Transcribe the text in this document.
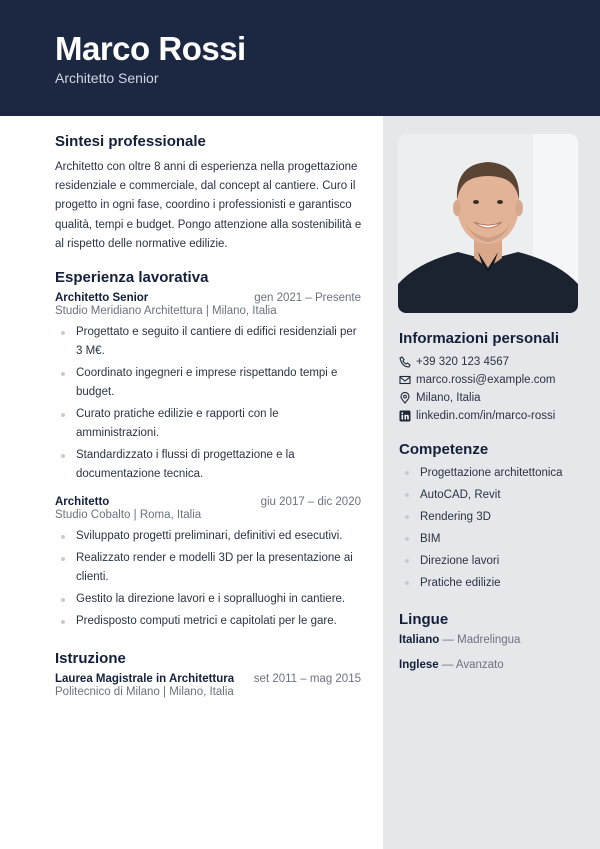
Marco Rossi
Architetto Senior
Sintesi professionale
Architetto con oltre 8 anni di esperienza nella progettazione residenziale e commerciale, dal concept al cantiere. Curo il progetto in ogni fase, coordino i professionisti e garantisco qualità, tempi e budget. Pongo attenzione alla sostenibilità e al rispetto delle normative edilizie.
Esperienza lavorativa
Architetto Senior	gen 2021 – Presente
Studio Meridiano Architettura | Milano, Italia
Progettato e seguito il cantiere di edifici residenziali per 3 M€.
Coordinato ingegneri e imprese rispettando tempi e budget.
Curato pratiche edilizie e rapporti con le amministrazioni.
Standardizzato i flussi di progettazione e la documentazione tecnica.
Architetto	giu 2017 – dic 2020
Studio Cobalto | Roma, Italia
Sviluppato progetti preliminari, definitivi ed esecutivi.
Realizzato render e modelli 3D per la presentazione ai clienti.
Gestito la direzione lavori e i sopralluoghi in cantiere.
Predisposto computi metrici e capitolati per le gare.
Istruzione
Laurea Magistrale in Architettura set 2011 – mag 2015
Politecnico di Milano | Milano, Italia
Informazioni personali
+39 320 123 4567
marco.rossi@example.com
Milano, Italia
linkedin.com/in/marco-rossi
Competenze
Progettazione architettonica
AutoCAD, Revit
Rendering 3D
BIM
Direzione lavori
Pratiche edilizie
Lingue
Italiano — Madrelingua
Inglese — Avanzato
